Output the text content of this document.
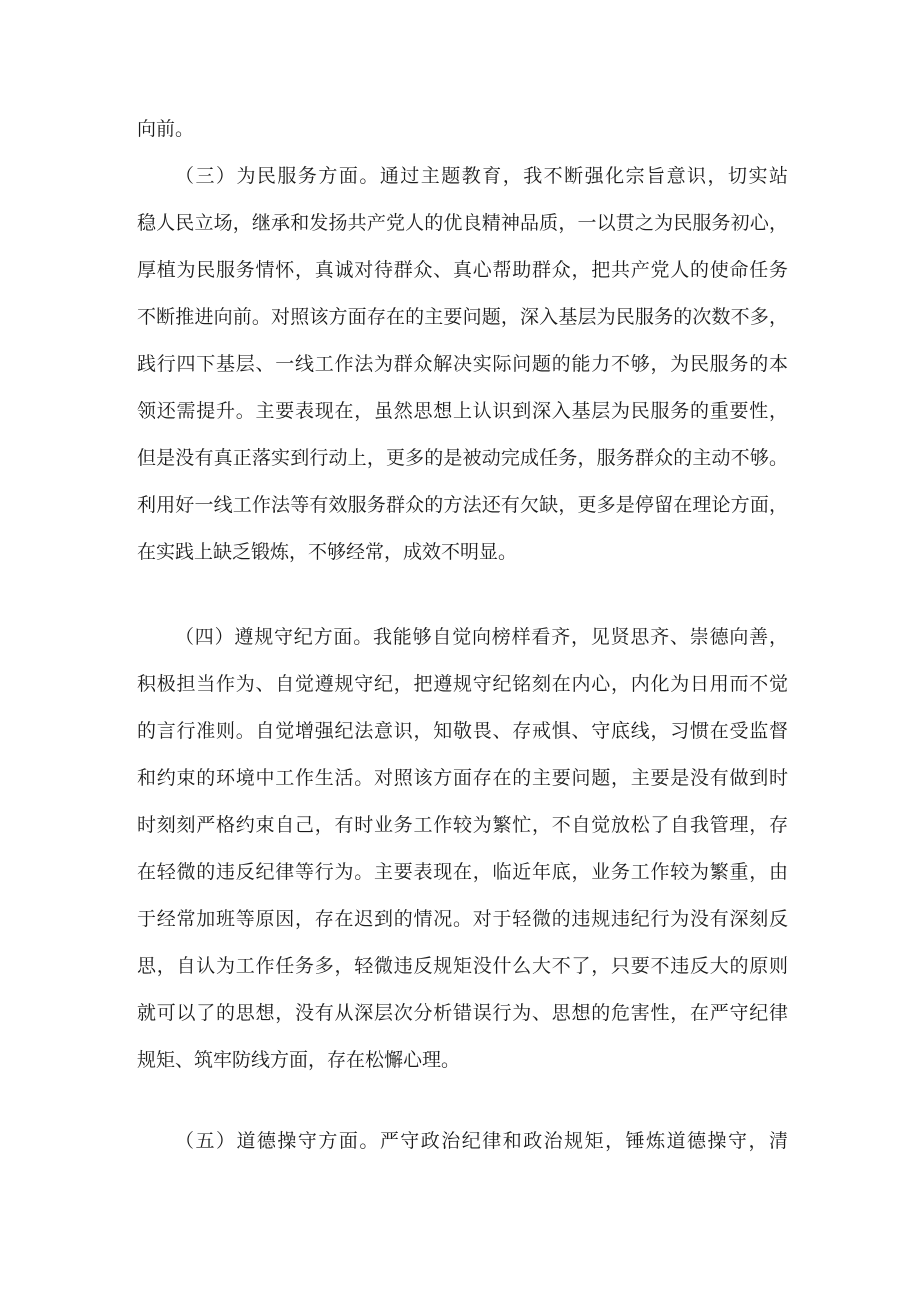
向前。
（三）为民服务方面。通过主题教育，我不断强化宗旨意识，切实站
稳人民立场，继承和发扬共产党人的优良精神品质，一以贯之为民服务初心，
厚植为民服务情怀，真诚对待群众、真心帮助群众，把共产党人的使命任务
不断推进向前。对照该方面存在的主要问题，深入基层为民服务的次数不多，
践行四下基层、一线工作法为群众解决实际问题的能力不够，为民服务的本
领还需提升。主要表现在，虽然思想上认识到深入基层为民服务的重要性，
但是没有真正落实到行动上，更多的是被动完成任务，服务群众的主动不够。
利用好一线工作法等有效服务群众的方法还有欠缺，更多是停留在理论方面，
在实践上缺乏锻炼，不够经常，成效不明显。
（四）遵规守纪方面。我能够自觉向榜样看齐，见贤思齐、崇德向善，
积极担当作为、自觉遵规守纪，把遵规守纪铭刻在内心，内化为日用而不觉
的言行准则。自觉增强纪法意识，知敬畏、存戒惧、守底线，习惯在受监督
和约束的环境中工作生活。对照该方面存在的主要问题，主要是没有做到时
时刻刻严格约束自己，有时业务工作较为繁忙，不自觉放松了自我管理，存
在轻微的违反纪律等行为。主要表现在，临近年底，业务工作较为繁重，由
于经常加班等原因，存在迟到的情况。对于轻微的违规违纪行为没有深刻反
思，自认为工作任务多，轻微违反规矩没什么大不了，只要不违反大的原则
就可以了的思想，没有从深层次分析错误行为、思想的危害性，在严守纪律
规矩、筑牢防线方面，存在松懈心理。
（五）道德操守方面。严守政治纪律和政治规矩，锤炼道德操守，清
